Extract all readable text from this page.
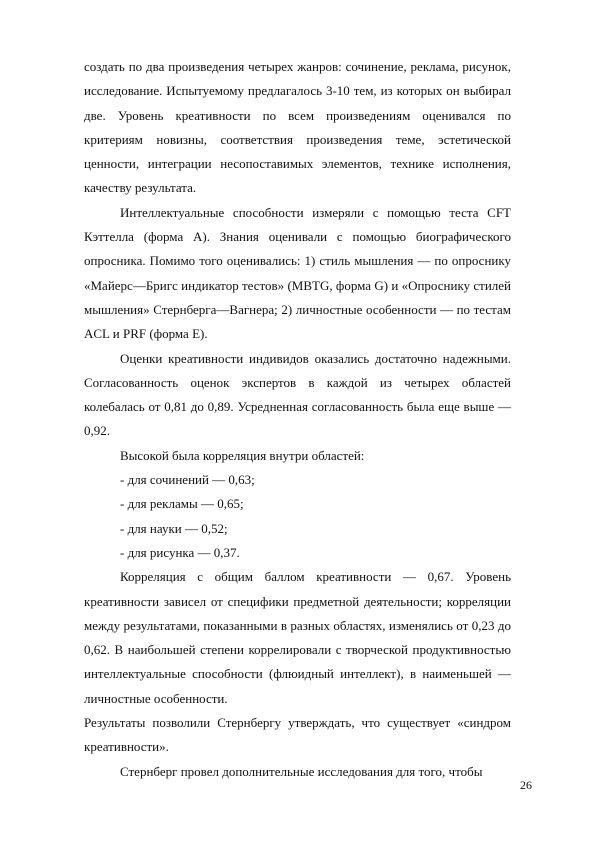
создать по два произведения четырех жанров: сочинение, реклама, рисунок, исследование. Испытуемому предлагалось 3-10 тем, из которых он выбирал две. Уровень креативности по всем произведениям оценивался по критериям новизны, соответствия произведения теме, эстетической ценности, интеграции несопоставимых элементов, технике исполнения, качеству результата.

Интеллектуальные способности измеряли с помощью теста CFT Кэттелла (форма А). Знания оценивали с помощью биографического опросника. Помимо того оценивались: 1) стиль мышления — по опроснику «Майерс—Бригс индикатор тестов» (MBTG, форма G) и «Опроснику стилей мышления» Стернберга—Вагнера; 2) личностные особенности — по тестам ACL и PRF (форма E).

Оценки креативности индивидов оказались достаточно надежными. Согласованность оценок экспертов в каждой из четырех областей колебалась от 0,81 до 0,89. Усредненная согласованность была еще выше — 0,92.

Высокой была корреляция внутри областей:

- для сочинений — 0,63;

- для рекламы — 0,65;

- для науки — 0,52;

- для рисунка — 0,37.

Корреляция с общим баллом креативности — 0,67. Уровень креативности зависел от специфики предметной деятельности; корреляции между результатами, показанными в разных областях, изменялись от 0,23 до 0,62. В наибольшей степени коррелировали с творческой продуктивностью интеллектуальные способности (флюидный интеллект), в наименьшей — личностные особенности.

Результаты позволили Стернбергу утверждать, что существует «синдром креативности».

Стернберг провел дополнительные исследования для того, чтобы

26
